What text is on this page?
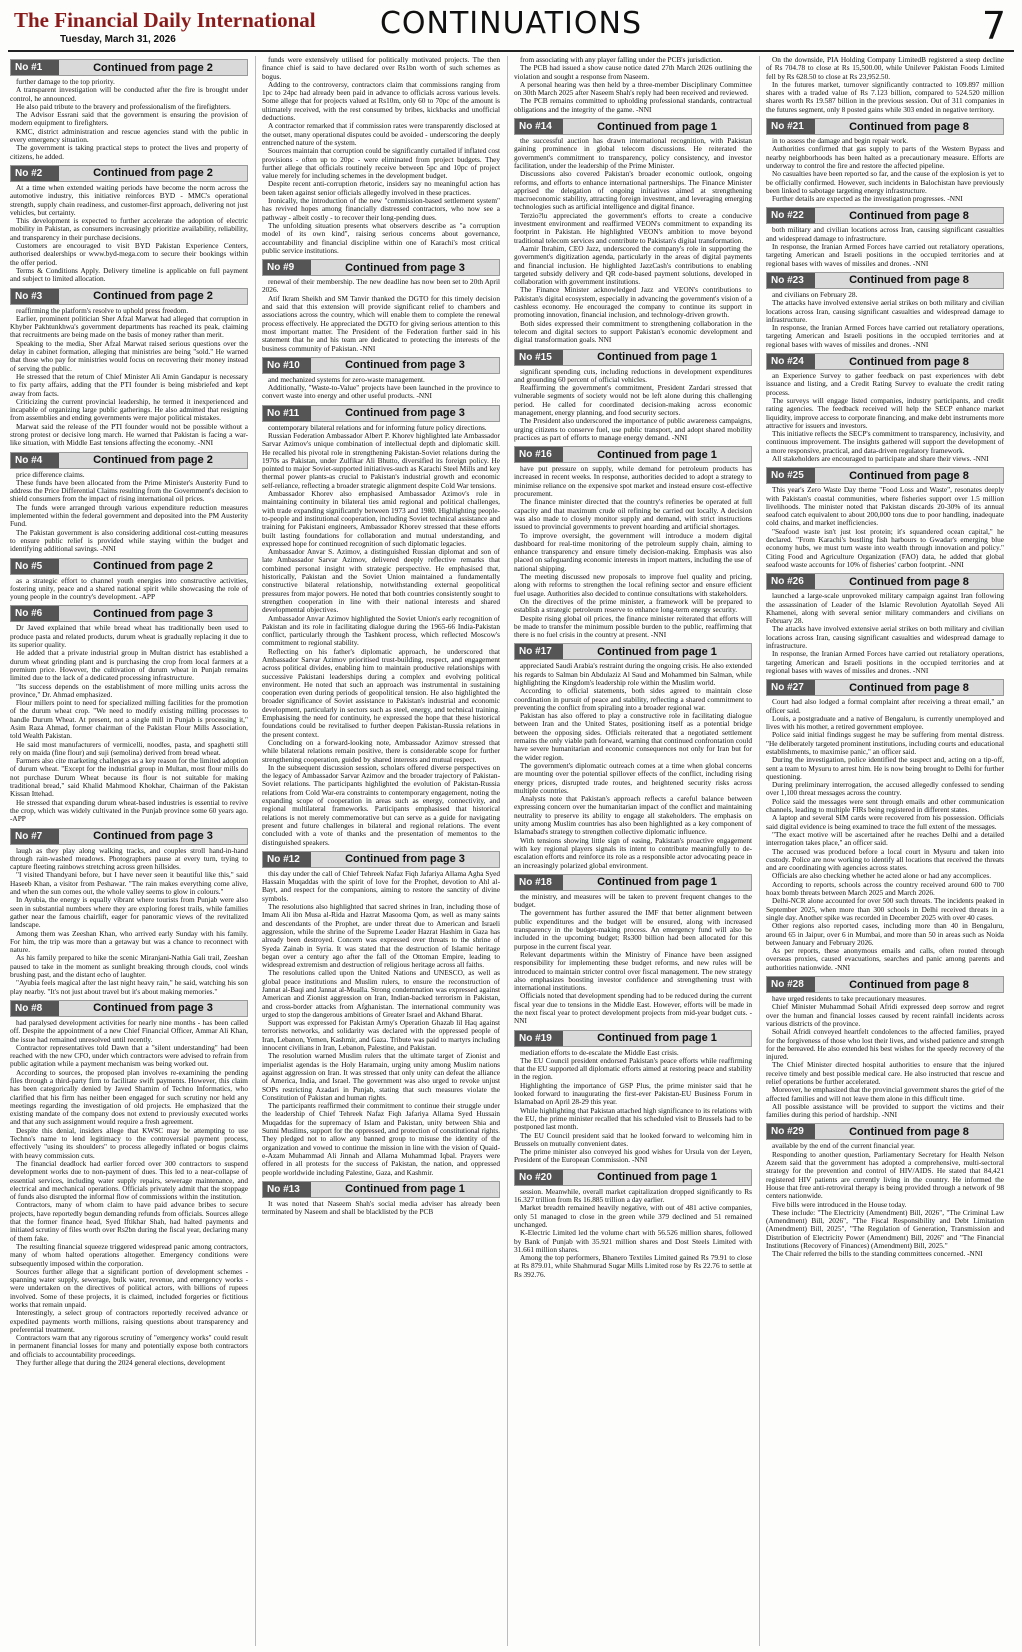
The Financial Daily International
Tuesday, March 31, 2026	CONTINUATIONS	7
No #1	Continued from page 2

further damage to the top priority.

A transparent investigation will be conducted after the fire is brought under control, he announced.

He also paid tribute to the bravery and professionalism of the firefighters.

The Advisor Essrani said that the government is ensuring the provision of modern equipment to firefighters.

KMC, district administration and rescue agencies stand with the public in every emergency situation.

The government is taking practical steps to protect the lives and property of citizens, he added.

No #2	Continued from page 2

At a time when extended waiting periods have become the norm across the automotive industry, this initiative reinforces BYD - MMC's operational strength, supply chain readiness, and customer-first approach, delivering not just vehicles, but certainty.

This development is expected to further accelerate the adoption of electric mobility in Pakistan, as consumers increasingly prioritize availability, reliability, and transparency in their purchase decisions.

Customers are encouraged to visit BYD Pakistan Experience Centers, authorised dealerships or www.byd-mega.com to secure their bookings within the offer period.

Terms & Conditions Apply. Delivery timeline is applicable on full payment and subject to limited allocation.

No #3	Continued from page 2

reaffirming the platform's resolve to uphold press freedom.

Earlier, prominent politician Sher Afzal Marwat had alleged that corruption in Khyber Pakhtunkhwa's government departments has reached its peak, claiming that recruitments are being made on the basis of money rather than merit.

Speaking to the media, Sher Afzal Marwat raised serious questions over the delay in cabinet formation, alleging that ministries are being "sold." He warned that those who pay for ministries would focus on recovering their money instead of serving the public.

He stressed that the return of Chief Minister Ali Amin Gandapur is necessary to fix party affairs, adding that the PTI founder is being misbriefed and kept away from facts.

Criticizing the current provincial leadership, he termed it inexperienced and incapable of organizing large public gatherings. He also admitted that resigning from assemblies and ending governments were major political mistakes.

Marwat said the release of the PTI founder would not be possible without a strong protest or decisive long march. He warned that Pakistan is facing a war-like situation, with Middle East tensions affecting the economy. -NNI

No #4	Continued from page 2

price difference claims.

These funds have been allocated from the Prime Minister's Austerity Fund to address the Price Differential Claims resulting from the Government's decision to shield consumers from the impact of rising international oil prices.

The funds were arranged through various expenditure reduction measures implemented within the federal government and deposited into the PM Austerity Fund.

The Pakistan government is also considering additional cost-cutting measures to ensure public relief is provided while staying within the budget and identifying additional savings. -NNI

No #5	Continued from page 2

as a strategic effort to channel youth energies into constructive activities, fostering unity, peace and a shared national spirit while showcasing the role of young people in the country's development. -APP

No #6	Continued from page 3

Dr Javed explained that while bread wheat has traditionally been used to produce pasta and related products, durum wheat is gradually replacing it due to its superior quality.

He added that a private industrial group in Multan district has established a durum wheat grinding plant and is purchasing the crop from local farmers at a premium price. However, the cultivation of durum wheat in Punjab remains limited due to the lack of a dedicated processing infrastructure.

"Its success depends on the establishment of more milling units across the province," Dr. Ahmad emphasized.

Flour millers point to need for specialized milling facilities for the promotion of the durum wheat crop. "We need to modify existing milling processes to handle Durum Wheat. At present, not a single mill in Punjab is processing it," Asim Raza Ahmad, former chairman of the Pakistan Flour Mills Association, told Wealth Pakistan.

He said most manufacturers of vermicelli, noodles, pasta, and spaghetti still rely on maida (fine flour) and suji (semolina) derived from bread wheat.

Farmers also cite marketing challenges as a key reason for the limited adoption of durum wheat. "Except for the industrial group in Multan, most flour mills do not purchase Durum Wheat because its flour is not suitable for making traditional bread," said Khalid Mahmood Khokhar, Chairman of the Pakistan Kissan Ittehad.

He stressed that expanding durum wheat-based industries is essential to revive the crop, which was widely cultivated in the Punjab province some 60 years ago. -APP

No #7	Continued from page 3

laugh as they play along walking tracks, and couples stroll hand-in-hand through rain-washed meadows. Photographers pause at every turn, trying to capture fleeting rainbows stretching across green hillsides.

"I visited Thandyani before, but I have never seen it beautiful like this," said Haseeb Khan, a visitor from Peshawar. "The rain makes everything come alive, and when the sun comes out, the whole valley seems to glow in colours."

In Ayubia, the energy is equally vibrant where tourists from Punjab were also seen in substantial numbers where they are exploring forest trails, while families gather near the famous chairlift, eager for panoramic views of the revitalized landscape.

Among them was Zeeshan Khan, who arrived early Sunday with his family. For him, the trip was more than a getaway but was a chance to reconnect with nature.

As his family prepared to hike the scenic Miranjani-Nathia Gali trail, Zeeshan paused to take in the moment as sunlight breaking through clouds, cool winds brushing past, and the distant echo of laughter.

"Ayubia feels magical after the last night heavy rain," he said, watching his son play nearby. "It's not just about travel but it's about making memories."

No #8	Continued from page 3

had paralysed development activities for nearly nine months - has been called off. Despite the appointment of a new Chief Financial Officer, Ammar Ali Khan, the issue had remained unresolved until recently.

Contractor representatives told Dawn that a "silent understanding" had been reached with the new CFO, under which contractors were advised to refrain from public agitation while a payment mechanism was being worked out.

According to sources, the proposed plan involves re-examining the pending files through a third-party firm to facilitate swift payments. However, this claim has been categorically denied by Javed Shamim of Techno Informatics, who clarified that his firm has neither been engaged for such scrutiny nor held any meetings regarding the investigation of old projects. He emphasized that the existing mandate of the company does not extend to previously executed works and that any such assignment would require a fresh agreement.

Despite this denial, insiders allege that KWSC may be attempting to use Techno's name to lend legitimacy to the controversial payment process, effectively "using its shoulders" to process allegedly inflated or bogus claims with heavy commission cuts.

The financial deadlock had earlier forced over 300 contractors to suspend development works due to non-payment of dues. This led to a near-collapse of essential services, including water supply repairs, sewerage maintenance, and electrical and mechanical operations. Officials privately admit that the stoppage of funds also disrupted the informal flow of commissions within the institution.

Contractors, many of whom claim to have paid advance bribes to secure projects, have reportedly begun demanding refunds from officials. Sources allege that the former finance head, Syed Iftikhar Shah, had halted payments and initiated scrutiny of files worth over Rs2bn during the fiscal year, declaring many of them fake.

The resulting financial squeeze triggered widespread panic among contractors, many of whom halted operations altogether. Emergency conditions were subsequently imposed within the corporation.

Sources further allege that a significant portion of development schemes - spanning water supply, sewerage, bulk water, revenue, and emergency works - were undertaken on the directives of political actors, with billions of rupees involved. Some of these projects, it is claimed, included forgeries or fictitious works that remain unpaid.

Interestingly, a select group of contractors reportedly received advance or expedited payments worth millions, raising questions about transparency and preferential treatment.

Contractors warn that any rigorous scrutiny of "emergency works" could result in permanent financial losses for many and potentially expose both contractors and officials to accountability proceedings.

They further allege that during the 2024 general elections, development

funds were extensively utilised for politically motivated projects. The then finance chief is said to have declared over Rs1bn worth of such schemes as bogus.

Adding to the controversy, contractors claim that commissions ranging from 1pc to 24pc had already been paid in advance to officials across various levels. Some allege that for projects valued at Rs10m, only 60 to 70pc of the amount is ultimately received, with the rest consumed by bribes, kickbacks and unofficial deductions.

A contractor remarked that if commission rates were transparently disclosed at the outset, many operational disputes could be avoided - underscoring the deeply entrenched nature of the system.

Sources maintain that corruption could be significantly curtailed if inflated cost provisions - often up to 20pc - were eliminated from project budgets. They further allege that officials routinely receive between 5pc and 10pc of project value merely for including schemes in the development budget.

Despite recent anti-corruption rhetoric, insiders say no meaningful action has been taken against senior officials allegedly involved in these practices.

Ironically, the introduction of the new "commission-based settlement system" has revived hopes among financially distressed contractors, who now see a pathway - albeit costly - to recover their long-pending dues.

The unfolding situation presents what observers describe as "a corruption model of its own kind", raising serious concerns about governance, accountability and financial discipline within one of Karachi's most critical public service institutions.

No #9	Continued from page 3

renewal of their membership. The new deadline has now been set to 20th April 2026.

Atif Ikram Sheikh and SM Tanvir thanked the DGTO for this timely decision and said that this extension will provide significant relief to chambers and associations across the country, which will enable them to complete the renewal process effectively. He appreciated the DGTO for giving serious attention to this most important matter. The President of the Federation further said in his statement that he and his team are dedicated to protecting the interests of the business community of Pakistan. -NNI

No #10	Continued from page 3

and mechanized systems for zero-waste management.

Additionally, "Waste-to-Value" projects have been launched in the province to convert waste into energy and other useful products. -NNI

No #11	Continued from page 3

contemporary bilateral relations and for informing future policy directions.

Russian Federation Ambassador Albert P. Khorev highlighted late Ambassador Sarvar Azimov's unique combination of intellectual depth and diplomatic skill. He recalled his pivotal role in strengthening Pakistan-Soviet relations during the 1970s as Pakistan, under Zulfikar Ali Bhutto, diversified its foreign policy. He pointed to major Soviet-supported initiatives-such as Karachi Steel Mills and key thermal power plants-as crucial to Pakistan's industrial growth and economic self-reliance, reflecting a broader strategic alignment despite Cold War tensions.

Ambassador Khorev also emphasised Ambassador Azimov's role in maintaining continuity in bilateral ties amid regional and political challenges, with trade expanding significantly between 1973 and 1980. Highlighting people-to-people and institutional cooperation, including Soviet technical assistance and training for Pakistani engineers, Ambassador Khorev stressed that these efforts built lasting foundations for collaboration and mutual understanding, and expressed hope for continued recognition of such diplomatic legacies.

Ambassador Anvar S. Azimov, a distinguished Russian diplomat and son of late Ambassador Sarvar Azimov, delivered deeply reflective remarks that combined personal insight with strategic perspective. He emphasised that, historically, Pakistan and the Soviet Union maintained a fundamentally constructive bilateral relationship, notwithstanding external geopolitical pressures from major powers. He noted that both countries consistently sought to strengthen cooperation in line with their national interests and shared developmental objectives.

Ambassador Anvar Azimov highlighted the Soviet Union's early recognition of Pakistan and its role in facilitating dialogue during the 1965-66 India-Pakistan conflict, particularly through the Tashkent process, which reflected Moscow's commitment to regional stability.

Reflecting on his father's diplomatic approach, he underscored that Ambassador Sarvar Azimov prioritised trust-building, respect, and engagement across political divides, enabling him to maintain productive relationships with successive Pakistani leaderships during a complex and evolving political environment. He noted that such an approach was instrumental in sustaining cooperation even during periods of geopolitical tension. He also highlighted the broader significance of Soviet assistance to Pakistan's industrial and economic development, particularly in sectors such as steel, energy, and technical training. Emphasising the need for continuity, he expressed the hope that these historical foundations could be revitalised to further deepen Pakistan-Russia relations in the present context.

Concluding on a forward-looking note, Ambassador Azimov stressed that while bilateral relations remain positive, there is considerable scope for further strengthening cooperation, guided by shared interests and mutual respect.

In the subsequent discussion session, scholars offered diverse perspectives on the legacy of Ambassador Sarvar Azimov and the broader trajectory of Pakistan-Soviet relations. The participants highlighted the evolution of Pakistan-Russia relations from Cold War-era constraints to contemporary engagement, noting the expanding scope of cooperation in areas such as energy, connectivity, and regional multilateral frameworks. Participants emphasised that historical relations is not merely commemorative but can serve as a guide for navigating present and future challenges in bilateral and regional relations. The event concluded with a vote of thanks and the presentation of mementos to the distinguished speakers.

No #12	Continued from page 3

this day under the call of Chief Tehreek Nafaz Fiqh Jafariya Allama Agha Syed Hassain Muqaddas with the spirit of love for the Prophet, devotion to Ahl al-Bayt, and respect for the companions, aiming to restore the sanctity of divine symbols.

The resolutions also highlighted that sacred shrines in Iran, including those of Imam Ali ibn Musa al-Rida and Hazrat Masooma Qom, as well as many saints and descendants of the Prophet, are under threat due to American and Israeli aggression, while the shrine of the Supreme Leader Hazrat Hashim in Gaza has already been destroyed. Concern was expressed over threats to the shrine of Syeda Zainab in Syria. It was stated that the destruction of Islamic heritage began over a century ago after the fall of the Ottoman Empire, leading to widespread extremism and destruction of religious heritage across all faiths.

The resolutions called upon the United Nations and UNESCO, as well as global peace institutions and Muslim rulers, to ensure the reconstruction of Jannat al-Baqi and Jannat al-Mualla. Strong condemnation was expressed against American and Zionist aggression on Iran, Indian-backed terrorism in Pakistan, and cross-border attacks from Afghanistan. The international community was urged to stop the dangerous ambitions of Greater Israel and Akhand Bharat.

Support was expressed for Pakistan Army's Operation Ghazab lil Haq against terrorists networks, and solidarity was declared with the oppressed people of Iran, Lebanon, Yemen, Kashmir, and Gaza. Tribute was paid to martyrs including innocent civilians in Iran, Lebanon, Palestine, and Pakistan.

The resolution warned Muslim rulers that the ultimate target of Zionist and imperialist agendas is the Holy Haramain, urging unity among Muslim nations against aggression on Iran. It was stressed that only unity can defeat the alliance of America, India, and Israel. The government was also urged to revoke unjust SOPs restricting Azadari in Punjab, stating that such measures violate the Constitution of Pakistan and human rights.

The participants reaffirmed their commitment to continue their struggle under the leadership of Chief Tehreek Nafaz Fiqh Jafariya Allama Syed Hussain Muqaddas for the supremacy of Islam and Pakistan, unity between Shia and Sunni Muslims, support for the oppressed, and protection of constitutional rights. They pledged not to allow any banned group to misuse the identity of the organization and vowed to continue the mission in line with the vision of Quaid-e-Azam Muhammad Ali Jinnah and Allama Muhammad Iqbal. Prayers were offered in all protests for the success of Pakistan, the nation, and oppressed people worldwide including Palestine, Gaza, and Kashmir.

No #13	Continued from page 1

It was noted that Naseem Shah's social media adviser has already been terminated by Naseem and shall be blacklisted by the PCB

from associating with any player falling under the PCB's jurisdiction.

The PCB had issued a show cause notice dated 27th March 2026 outlining the violation and sought a response from Naseem.

A personal hearing was then held by a three-member Disciplinary Committee on 30th March 2025 after Naseem Shah's reply had been received and reviewed.

The PCB remains committed to upholding professional standards, contractual obligations and the integrity of the game. -NNI

No #14	Continued from page 1

the successful auction has drawn international recognition, with Pakistan gaining prominence in global telecom discussions. He reiterated the government's commitment to transparency, policy consistency, and investor facilitation, under the leadership of the Prime Minister.

Discussions also covered Pakistan's broader economic outlook, ongoing reforms, and efforts to enhance international partnerships. The Finance Minister apprised the delegation of ongoing initiatives aimed at strengthening macroeconomic stability, attracting foreign investment, and leveraging emerging technologies such as artificial intelligence and digital finance.

Terzio?lu appreciated the government's efforts to create a conducive investment environment and reaffirmed VEON's commitment to expanding its footprint in Pakistan. He highlighted VEON's ambition to move beyond traditional telecom services and contribute to Pakistan's digital transformation.

Aamir Ibrahim, CEO Jazz, underscored the company's role in supporting the government's digitization agenda, particularly in the areas of digital payments and financial inclusion. He highlighted JazzCash's contributions to enabling targeted subsidy delivery and QR code-based payment solutions, developed in collaboration with government institutions.

The Finance Minister acknowledged Jazz and VEON's contributions to Pakistan's digital ecosystem, especially in advancing the government's vision of a cashless economy. He encouraged the company to continue its support in promoting innovation, financial inclusion, and technology-driven growth.

Both sides expressed their commitment to strengthening collaboration in the telecom and digital sectors to support Pakistan's economic development and digital transformation goals. NNI

No #15	Continued from page 1

significant spending cuts, including reductions in development expenditures and grounding 60 percent of official vehicles.

Reaffirming the government's commitment, President Zardari stressed that vulnerable segments of society would not be left alone during this challenging period. He called for coordinated decision-making across economic management, energy planning, and food security sectors.

The President also underscored the importance of public awareness campaigns, urging citizens to conserve fuel, use public transport, and adopt shared mobility practices as part of efforts to manage energy demand. -NNI

No #16	Continued from page 1

have put pressure on supply, while demand for petroleum products has increased in recent weeks. In response, authorities decided to adopt a strategy to minimise reliance on the expensive spot market and instead ensure cost-effective procurement.

The finance minister directed that the country's refineries be operated at full capacity and that maximum crude oil refining be carried out locally. A decision was also made to closely monitor supply and demand, with strict instructions issued to provincial governments to prevent hoarding and artificial shortages.

To improve oversight, the government will introduce a modern digital dashboard for real-time monitoring of the petroleum supply chain, aiming to enhance transparency and ensure timely decision-making. Emphasis was also placed on safeguarding economic interests in import matters, including the use of national shipping.

The meeting discussed new proposals to improve fuel quality and pricing, along with reforms to strengthen the local refining sector and ensure efficient fuel usage. Authorities also decided to continue consultations with stakeholders.

On the directives of the prime minister, a framework will be prepared to establish a strategic petroleum reserve to enhance long-term energy security.

Despite rising global oil prices, the finance minister reiterated that efforts will be made to transfer the minimum possible burden to the public, reaffirming that there is no fuel crisis in the country at present. -NNI

No #17	Continued from page 1

appreciated Saudi Arabia's restraint during the ongoing crisis. He also extended his regards to Salman bin Abdulaziz Al Saud and Mohammed bin Salman, while highlighting the Kingdom's leadership role within the Muslim world.

According to official statements, both sides agreed to maintain close coordination in pursuit of peace and stability, reflecting a shared commitment to preventing the conflict from spiraling into a broader regional war.

Pakistan has also offered to play a constructive role in facilitating dialogue between Iran and the United States, positioning itself as a potential bridge between the opposing sides. Officials reiterated that a negotiated settlement remains the only viable path forward, warning that continued confrontation could have severe humanitarian and economic consequences not only for Iran but for the wider region.

The government's diplomatic outreach comes at a time when global concerns are mounting over the potential spillover effects of the conflict, including rising energy prices, disrupted trade routes, and heightened security risks across multiple countries.

Analysts note that Pakistan's approach reflects a careful balance between expressing concern over the humanitarian impact of the conflict and maintaining neutrality to preserve its ability to engage all stakeholders. The emphasis on unity among Muslim countries has also been highlighted as a key component of Islamabad's strategy to strengthen collective diplomatic influence.

With tensions showing little sign of easing, Pakistan's proactive engagement with key regional players signals its intent to contribute meaningfully to de-escalation efforts and reinforce its role as a responsible actor advocating peace in an increasingly polarized global environment.

No #18	Continued from page 1

the ministry, and measures will be taken to prevent frequent changes to the budget.

The government has further assured the IMF that better alignment between public expenditures and the budget will be ensured, along with increased transparency in the budget-making process. An emergency fund will also be included in the upcoming budget; Rs300 billion had been allocated for this purpose in the current fiscal year.

Relevant departments within the Ministry of Finance have been assigned responsibility for implementing these budget reforms, and new rules will be introduced to maintain stricter control over fiscal management. The new strategy also emphasizes boosting investor confidence and strengthening trust with international institutions.

Officials noted that development spending had to be reduced during the current fiscal year due to tensions in the Middle East. However, efforts will be made in the next fiscal year to protect development projects from mid-year budget cuts. -NNI

No #19	Continued from page 1

mediation efforts to de-escalate the Middle East crisis.

The EU Council president endorsed Pakistan's peace efforts while reaffirming that the EU supported all diplomatic efforts aimed at restoring peace and stability in the region.

Highlighting the importance of GSP Plus, the prime minister said that he looked forward to inaugurating the first-ever Pakistan-EU Business Forum in Islamabad on April 28-29 this year.

While highlighting that Pakistan attached high significance to its relations with the EU, the prime minister recalled that his scheduled visit to Brussels had to be postponed last month.

The EU Council president said that he looked forward to welcoming him in Brussels on mutually convenient dates.

The prime minister also conveyed his good wishes for Ursula von der Leyen, President of the European Commission. -NNI

No #20	Continued from page 1

session. Meanwhile, overall market capitalization dropped significantly to Rs 16.327 trillion from Rs 16.885 trillion a day earlier.

Market breadth remained heavily negative, with out of 481 active companies, only 51 managed to close in the green while 379 declined and 51 remained unchanged.

K-Electric Limited led the volume chart with 56.526 million shares, followed by Bank of Punjab with 35.921 million shares and Dost Steels Limited with 31.661 million shares.

Among the top performers, Bhanero Textiles Limited gained Rs 79.91 to close at Rs 879.01, while Shahmurad Sugar Mills Limited rose by Rs 22.76 to settle at Rs 392.76.

On the downside, PIA Holding Company LimitedB registered a steep decline of Rs 704.78 to close at Rs 15,500.00, while Unilever Pakistan Foods Limited fell by Rs 628.50 to close at Rs 23,952.50.

In the futures market, turnover significantly contracted to 109.897 million shares with a traded value of Rs 7.123 billion, compared to 524.520 million shares worth Rs 19.587 billion in the previous session. Out of 311 companies in the futures segment, only 8 posted gains while 303 ended in negative territory.

No #21	Continued from page 8

in to assess the damage and begin repair work.

Authorities confirmed that gas supply to parts of the Western Bypass and nearby neighborhoods has been halted as a precautionary measure. Efforts are underway to control the fire and restore the affected pipeline.

No casualties have been reported so far, and the cause of the explosion is yet to be officially confirmed. However, such incidents in Balochistan have previously been linked to sabotage targeting energy infrastructure.

Further details are expected as the investigation progresses. -NNI

No #22	Continued from page 8

both military and civilian locations across Iran, causing significant casualties and widespread damage to infrastructure.

In response, the Iranian Armed Forces have carried out retaliatory operations, targeting American and Israeli positions in the occupied territories and at regional bases with waves of missiles and drones. -NNI

No #23	Continued from page 8

and civilians on February 28.

The attacks have involved extensive aerial strikes on both military and civilian locations across Iran, causing significant casualties and widespread damage to infrastructure.

In response, the Iranian Armed Forces have carried out retaliatory operations, targeting American and Israeli positions in the occupied territories and at regional bases with waves of missiles and drones. -NNI

No #24	Continued from page 8

an Experience Survey to gather feedback on past experiences with debt issuance and listing, and a Credit Rating Survey to evaluate the credit rating process.

The surveys will engage listed companies, industry participants, and credit rating agencies. The feedback received will help the SECP enhance market liquidity, improve access to corporate financing, and make debt instruments more attractive for issuers and investors.

This initiative reflects the SECP's commitment to transparency, inclusivity, and continuous improvement. The insights gathered will support the development of a more responsive, practical, and data-driven regulatory framework.

All stakeholders are encouraged to participate and share their views. -NNI

No #25	Continued from page 8

This year's Zero Waste Day theme "Food Loss and Waste", resonates deeply with Pakistan's coastal communities, where fisheries support over 1.5 million livelihoods. The minister noted that Pakistan discards 20-30% of its annual seafood catch equivalent to about 200,000 tons due to poor handling, inadequate cold chains, and market inefficiencies.

"Seafood waste isn't just lost protein; it's squandered ocean capital," he declared. "From Karachi's bustling fish harbours to Gwadar's emerging blue economy hubs, we must turn waste into wealth through innovation and policy." Citing Food and Agriculture Organization (FAO) data, he added that global seafood waste accounts for 10% of fisheries' carbon footprint. -NNI

No #26	Continued from page 8

launched a large-scale unprovoked military campaign against Iran following the assassination of Leader of the Islamic Revolution Ayatollah Seyed Ali Khamenei, along with several senior military commanders and civilians on February 28.

The attacks have involved extensive aerial strikes on both military and civilian locations across Iran, causing significant casualties and widespread damage to infrastructure.

In response, the Iranian Armed Forces have carried out retaliatory operations, targeting American and Israeli positions in the occupied territories and at regional bases with waves of missiles and drones. -NNI

No #27	Continued from page 8

Court had also lodged a formal complaint after receiving a threat email," an officer said.

Louis, a postgraduate and a native of Bengaluru, is currently unemployed and lives with his mother, a retired government employee.

Police said initial findings suggest he may be suffering from mental distress. "He deliberately targeted prominent institutions, including courts and educational establishments, to maximise panic," an officer said.

During the investigation, police identified the suspect and, acting on a tip-off, sent a team to Mysuru to arrest him. He is now being brought to Delhi for further questioning.

During preliminary interrogation, the accused allegedly confessed to sending over 1,100 threat messages across the country.

Police said the messages were sent through emails and other communication channels, leading to multiple FIRs being registered in different states.

A laptop and several SIM cards were recovered from his possession. Officials said digital evidence is being examined to trace the full extent of the messages.

"The exact motive will be ascertained after he reaches Delhi and a detailed interrogation takes place," an officer said.

The accused was produced before a local court in Mysuru and taken into custody. Police are now working to identify all locations that received the threats and are coordinating with agencies across states.

Officials are also checking whether he acted alone or had any accomplices.

According to reports, schools across the country received around 600 to 700 hoax bomb threats between March 2025 and March 2026.

Delhi-NCR alone accounted for over 500 such threats. The incidents peaked in September 2025, when more than 300 schools in Delhi received threats in a single day. Another spike was recorded in December 2025 with over 40 cases.

Other regions also reported cases, including more than 40 in Bengaluru, around 65 in Jaipur, over 6 in Mumbai, and more than 50 in areas such as Noida between January and February 2026.

As per reports, these anonymous emails and calls, often routed through overseas proxies, caused evacuations, searches and panic among parents and authorities nationwide. -NNI

No #28	Continued from page 8

have urged residents to take precautionary measures.

Chief Minister Muhammad Sohail Afridi expressed deep sorrow and regret over the human and financial losses caused by recent rainfall incidents across various districts of the province.

Sohail Afridi conveyed heartfelt condolences to the affected families, prayed for the forgiveness of those who lost their lives, and wished patience and strength for the bereaved. He also extended his best wishes for the speedy recovery of the injured.

The Chief Minister directed hospital authorities to ensure that the injured receive timely and best possible medical care. He also instructed that rescue and relief operations be further accelerated.

Moreover, he emphasized that the provincial government shares the grief of the affected families and will not leave them alone in this difficult time.

All possible assistance will be provided to support the victims and their families during this period of hardship. -NNI

No #29	Continued from page 8

available by the end of the current financial year.

Responding to another question, Parliamentary Secretary for Health Nelson Azeem said that the government has adopted a comprehensive, multi-sectoral strategy for the prevention and control of HIV/AIDS. He stated that 84,421 registered HIV patients are currently living in the country. He informed the House that free anti-retroviral therapy is being provided through a network of 98 centers nationwide.

Five bills were introduced in the House today.

These include: "The Electricity (Amendment) Bill, 2026", "The Criminal Law (Amendment) Bill, 2026", "The Fiscal Responsibility and Debt Limitation (Amendment) Bill, 2025", "The Regulation of Generation, Transmission and Distribution of Electricity Power (Amendment) Bill, 2026" and "The Financial Institutions (Recovery of Finances) (Amendment) Bill, 2025."

The Chair referred the bills to the standing committees concerned. -NNI
